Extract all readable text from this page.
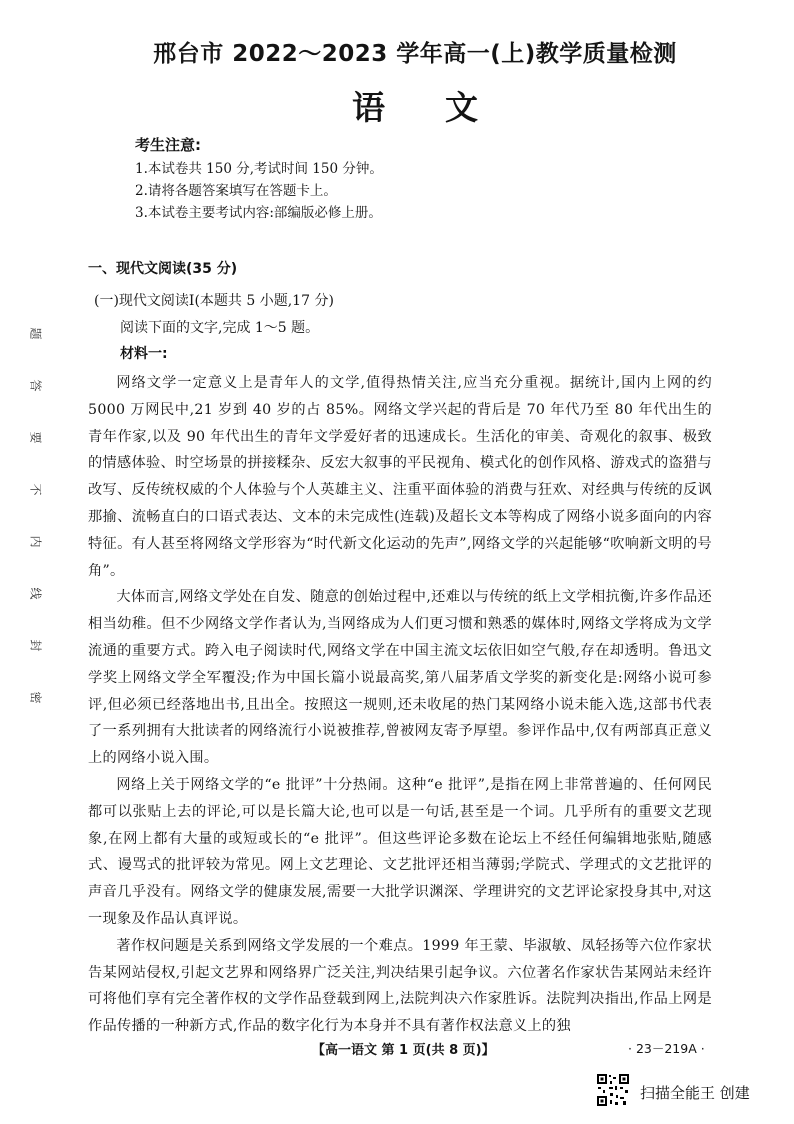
题
答
要
不
内
线
封
密
邢台市 2022～2023 学年高一(上)教学质量检测
语 文
考生注意:
1.本试卷共 150 分,考试时间 150 分钟。
2.请将各题答案填写在答题卡上。
3.本试卷主要考试内容:部编版必修上册。
一、现代文阅读(35 分)
(一)现代文阅读Ⅰ(本题共 5 小题,17 分)
阅读下面的文字,完成 1～5 题。
材料一:

网络文学一定意义上是青年人的文学,值得热情关注,应当充分重视。据统计,国内上网的约 5000 万网民中,21 岁到 40 岁的占 85%。网络文学兴起的背后是 70 年代乃至 80 年代出生的青年作家,以及 90 年代出生的青年文学爱好者的迅速成长。生活化的审美、奇观化的叙事、极致的情感体验、时空场景的拼接糅杂、反宏大叙事的平民视角、模式化的创作风格、游戏式的盗猎与改写、反传统权威的个人体验与个人英雄主义、注重平面体验的消费与狂欢、对经典与传统的反讽那揄、流畅直白的口语式表达、文本的未完成性(连载)及超长文本等构成了网络小说多面向的内容特征。有人甚至将网络文学形容为“时代新文化运动的先声”,网络文学的兴起能够“吹响新文明的号角”。

大体而言,网络文学处在自发、随意的创始过程中,还难以与传统的纸上文学相抗衡,许多作品还相当幼稚。但不少网络文学作者认为,当网络成为人们更习惯和熟悉的媒体时,网络文学将成为文学流通的重要方式。跨入电子阅读时代,网络文学在中国主流文坛依旧如空气般,存在却透明。鲁迅文学奖上网络文学全军覆没;作为中国长篇小说最高奖,第八届茅盾文学奖的新变化是:网络小说可参评,但必须已经落地出书,且出全。按照这一规则,还未收尾的热门某网络小说未能入选,这部书代表了一系列拥有大批读者的网络流行小说被推荐,曾被网友寄予厚望。参评作品中,仅有两部真正意义上的网络小说入围。

网络上关于网络文学的“e 批评”十分热闹。这种“e 批评”,是指在网上非常普遍的、任何网民都可以张贴上去的评论,可以是长篇大论,也可以是一句话,甚至是一个词。几乎所有的重要文艺现象,在网上都有大量的或短或长的“e 批评”。但这些评论多数在论坛上不经任何编辑地张贴,随感式、谩骂式的批评较为常见。网上文艺理论、文艺批评还相当薄弱;学院式、学理式的文艺批评的声音几乎没有。网络文学的健康发展,需要一大批学识渊深、学理讲究的文艺评论家投身其中,对这一现象及作品认真评说。

著作权问题是关系到网络文学发展的一个难点。1999 年王蒙、毕淑敏、凤轻扬等六位作家状告某网站侵权,引起文艺界和网络界广泛关注,判决结果引起争议。六位著名作家状告某网站未经许可将他们享有完全著作权的文学作品登载到网上,法院判决六作家胜诉。法院判决指出,作品上网是作品传播的一种新方式,作品的数字化行为本身并不具有著作权法意义上的独

【高一语文 第 1 页(共 8 页)】	· 23－219A ·
扫描全能王 创建
